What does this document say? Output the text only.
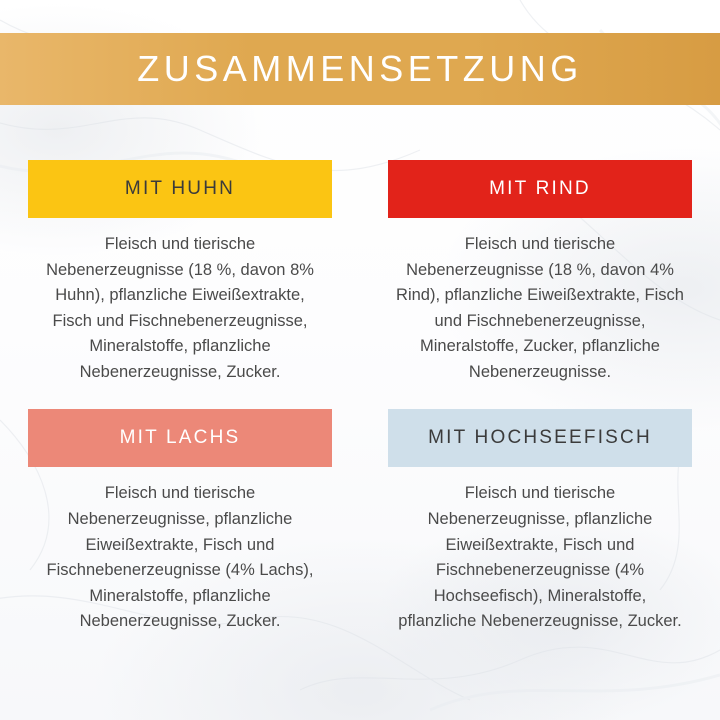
ZUSAMMENSETZUNG
MIT HUHN
Fleisch und tierische Nebenerzeugnisse (18 %, davon 8% Huhn), pflanzliche Eiweißextrakte, Fisch und Fischnebenerzeugnisse, Mineralstoffe, pflanzliche Nebenerzeugnisse, Zucker.
MIT RIND
Fleisch und tierische Nebenerzeugnisse (18 %, davon 4% Rind), pflanzliche Eiweißextrakte, Fisch und Fischnebenerzeugnisse, Mineralstoffe, Zucker, pflanzliche Nebenerzeugnisse.
MIT LACHS
Fleisch und tierische Nebenerzeugnisse, pflanzliche Eiweißextrakte, Fisch und Fischnebenerzeugnisse (4% Lachs), Mineralstoffe, pflanzliche Nebenerzeugnisse, Zucker.
MIT HOCHSEEFISCH
Fleisch und tierische Nebenerzeugnisse, pflanzliche Eiweißextrakte, Fisch und Fischnebenerzeugnisse (4% Hochseefisch), Mineralstoffe, pflanzliche Nebenerzeugnisse, Zucker.
